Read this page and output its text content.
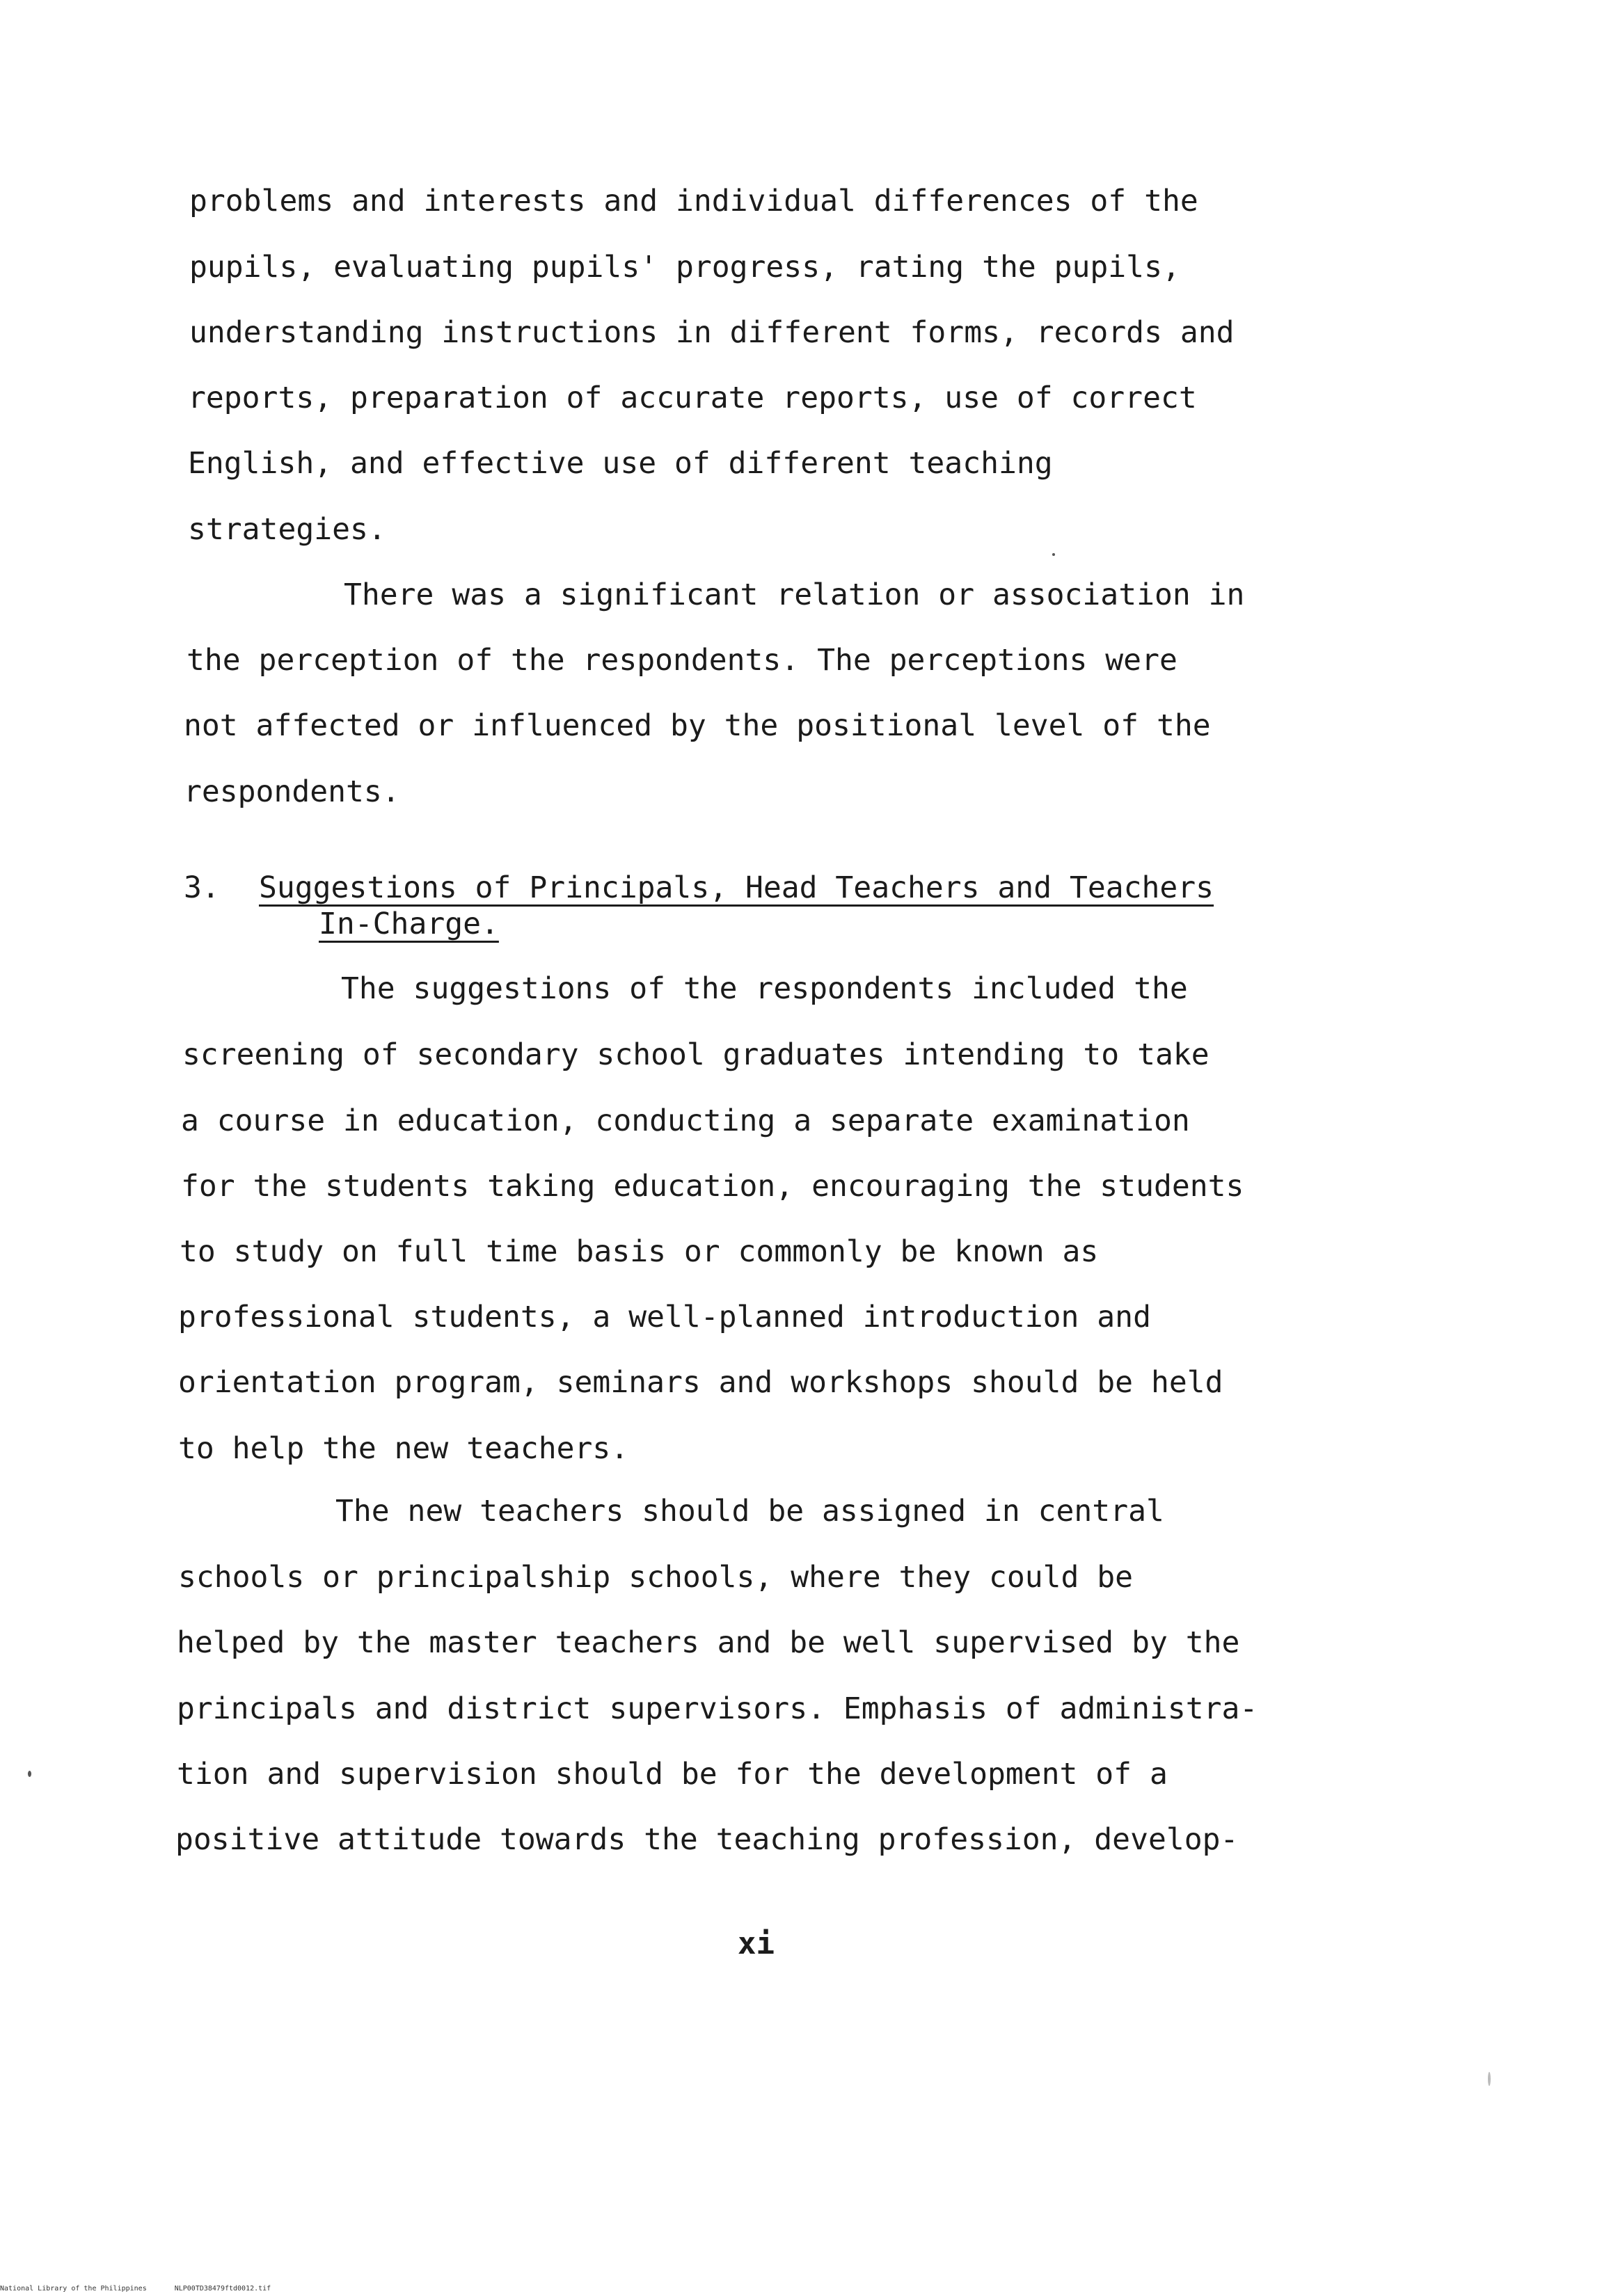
problems and interests and individual differences of the
pupils, evaluating pupils' progress, rating the pupils,
understanding instructions in different forms, records and
reports, preparation of accurate reports, use of correct
English, and effective use of different teaching
strategies.
There was a significant relation or association in
the perception of the respondents. The perceptions were
not affected or influenced by the positional level of the
respondents.
3. Suggestions of Principals, Head Teachers and Teachers
In-Charge.
The suggestions of the respondents included the
screening of secondary school graduates intending to take
a course in education, conducting a separate examination
for the students taking education, encouraging the students
to study on full time basis or commonly be known as
professional students, a well-planned introduction and
orientation program, seminars and workshops should be held
to help the new teachers.
The new teachers should be assigned in central
schools or principalship schools, where they could be
helped by the master teachers and be well supervised by the
principals and district supervisors. Emphasis of administra-
tion and supervision should be for the development of a
positive attitude towards the teaching profession, develop-
xi
National Library of the Philippines	NLP00TD38479ftd0012.tif
